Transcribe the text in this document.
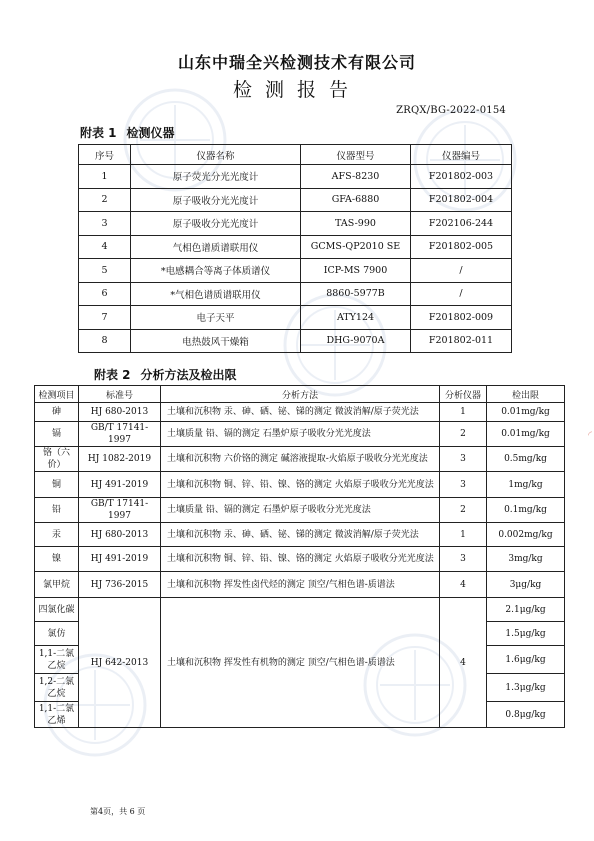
山东中瑞全兴检测技术有限公司
检测报告
ZRQX/BG-2022-0154
附表 1 检测仪器
序号	仪器名称	仪器型号	仪器编号
1	原子荧光分光光度计	AFS-8230	F201802-003
2	原子吸收分光光度计	GFA-6880	F201802-004
3	原子吸收分光光度计	TAS-990	F202106-244
4	气相色谱质谱联用仪	GCMS-QP2010 SE	F201802-005
5	*电感耦合等离子体质谱仪	ICP-MS 7900	/
6	*气相色谱质谱联用仪	8860-5977B	/
7	电子天平	ATY124	F201802-009
8	电热鼓风干燥箱	DHG-9070A	F201802-011
附表 2 分析方法及检出限
检测项目	标准号	分析方法	分析仪器	检出限
砷	HJ 680-2013	土壤和沉积物 汞、砷、硒、铋、锑的测定 微波消解/原子荧光法	1	0.01mg/kg
镉	GB/T 17141-1997	土壤质量 铅、镉的测定 石墨炉原子吸收分光光度法	2	0.01mg/kg
铬（六价）	HJ 1082-2019	土壤和沉积物 六价铬的测定 碱溶液提取-火焰原子吸收分光光度法	3	0.5mg/kg
铜	HJ 491-2019	土壤和沉积物 铜、锌、铅、镍、铬的测定 火焰原子吸收分光光度法	3	1mg/kg
铅	GB/T 17141-1997	土壤质量 铅、镉的测定 石墨炉原子吸收分光光度法	2	0.1mg/kg
汞	HJ 680-2013	土壤和沉积物 汞、砷、硒、铋、锑的测定 微波消解/原子荧光法	1	0.002mg/kg
镍	HJ 491-2019	土壤和沉积物 铜、锌、铅、镍、铬的测定 火焰原子吸收分光光度法	3	3mg/kg
氯甲烷	HJ 736-2015	土壤和沉积物 挥发性卤代烃的测定 顶空/气相色谱-质谱法	4	3μg/kg
四氯化碳	HJ 642-2013	土壤和沉积物 挥发性有机物的测定 顶空/气相色谱-质谱法	4	2.1μg/kg
氯仿				1.5μg/kg
1,1-二氯乙烷				1.6μg/kg
1,2-二氯乙烷				1.3μg/kg
1,1-二氯乙烯				0.8μg/kg
第4页，共 6 页
◜
